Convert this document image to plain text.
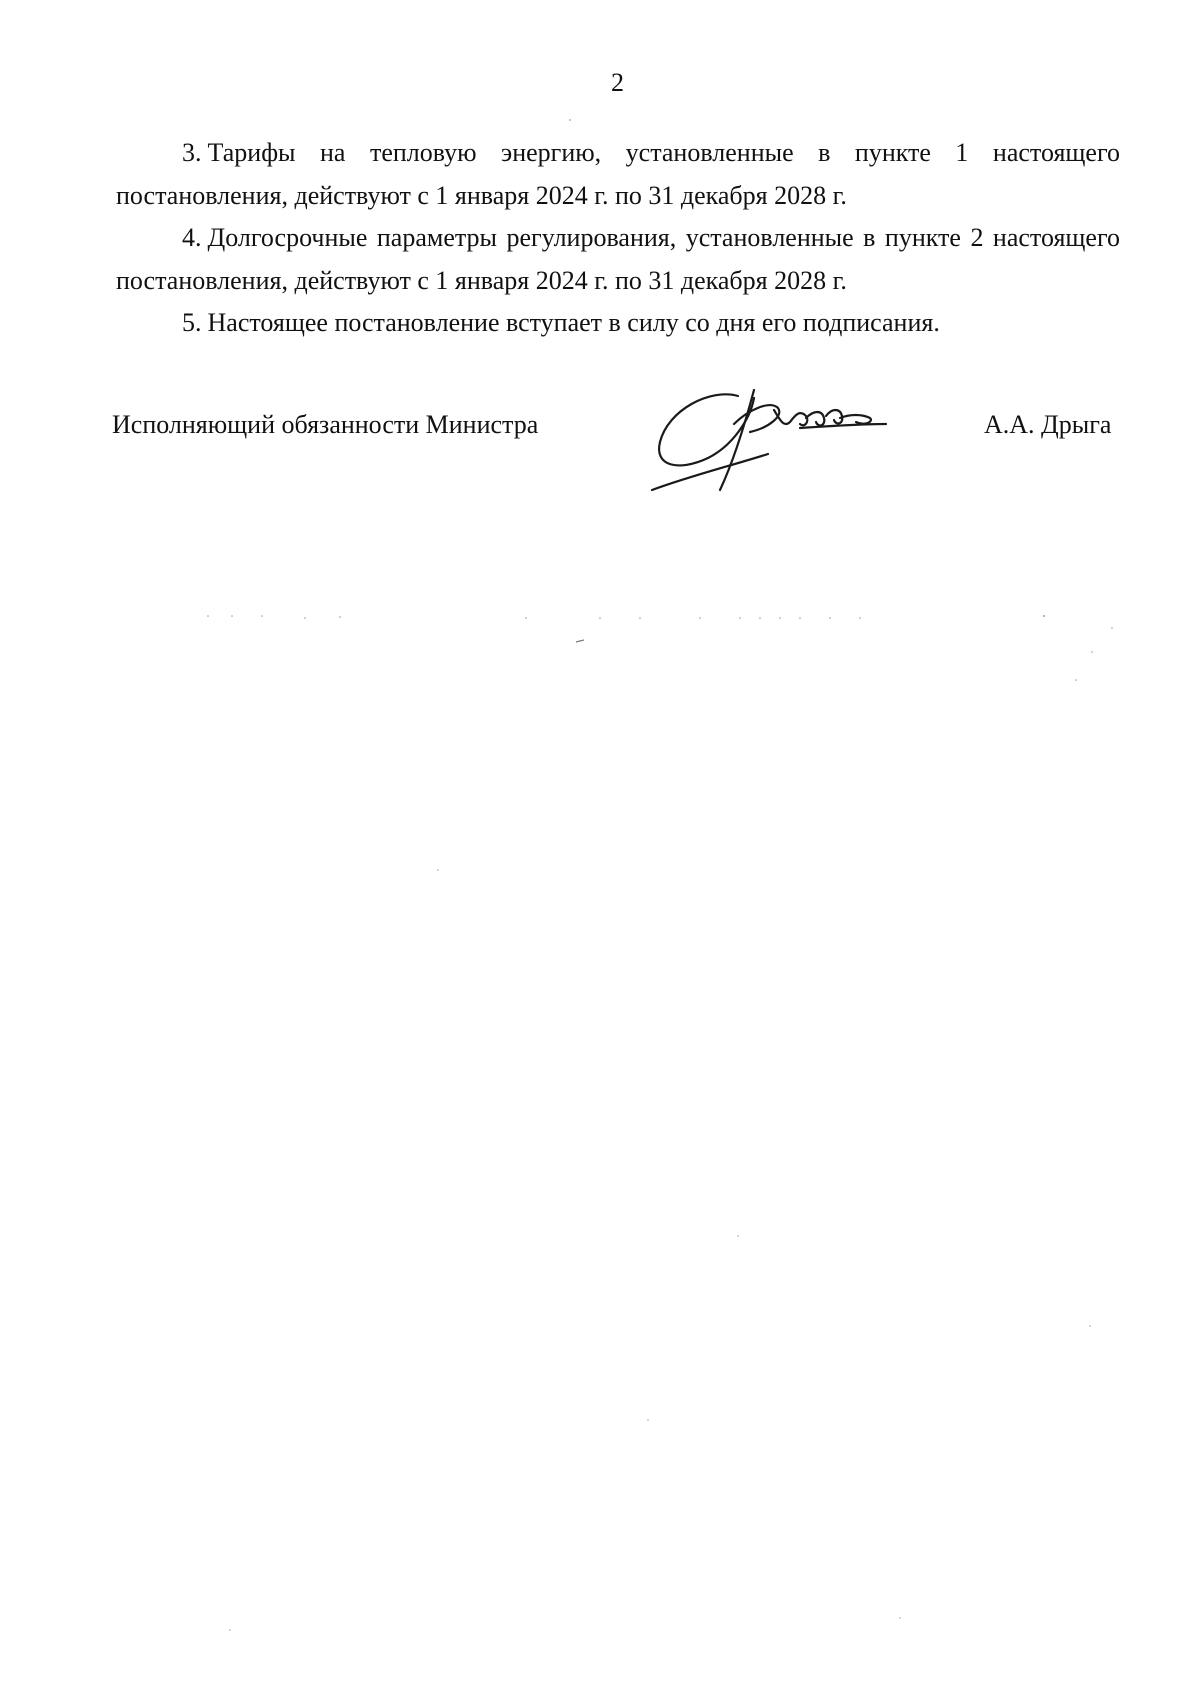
2

3. Тарифы на тепловую энергию, установленные в пункте 1 настоящего постановления, действуют с 1 января 2024 г. по 31 декабря 2028 г.

4. Долгосрочные параметры регулирования, установленные в пункте 2 настоящего постановления, действуют с 1 января 2024 г. по 31 декабря 2028 г.

5. Настоящее постановление вступает в силу со дня его подписания.

Исполняющий обязанности Министра	А.А. Дрыга
